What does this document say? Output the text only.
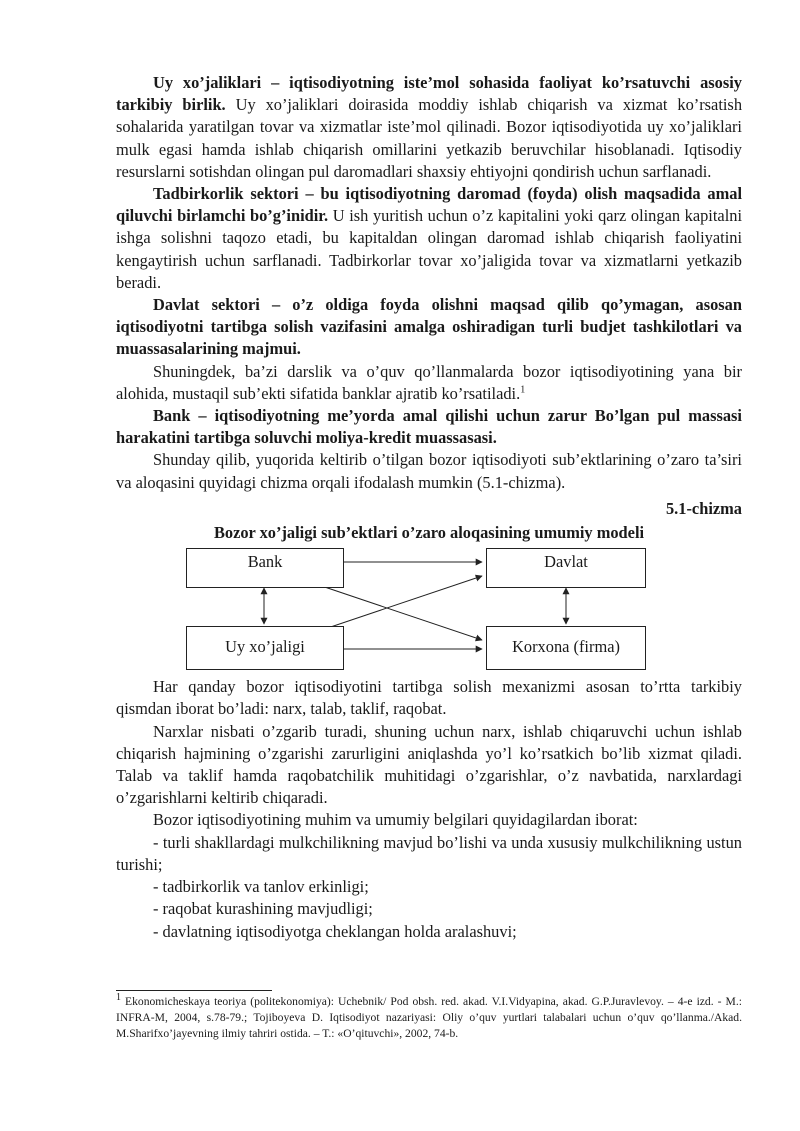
Uy xo’jaliklari – iqtisodiyotning iste’mol sohasida faoliyat ko’rsatuvchi asosiy tarkibiy birlik. Uy xo’jaliklari doirasida moddiy ishlab chiqarish va xizmat ko’rsatish sohalarida yaratilgan tovar va xizmatlar iste’mol qilinadi. Bozor iqtisodiyotida uy xo’jaliklari mulk egasi hamda ishlab chiqarish omillarini yetkazib beruvchilar hisoblanadi. Iqtisodiy resurslarni sotishdan olingan pul daromadlari shaxsiy ehtiyojni qondirish uchun sarflanadi.

Tadbirkorlik sektori – bu iqtisodiyotning daromad (foyda) olish maqsadida amal qiluvchi birlamchi bo’g’inidir. U ish yuritish uchun o’z kapitalini yoki qarz olingan kapitalni ishga solishni taqozo etadi, bu kapitaldan olingan daromad ishlab chiqarish faoliyatini kengaytirish uchun sarflanadi. Tadbirkorlar tovar xo’jaligida tovar va xizmatlarni yetkazib beradi.

Davlat sektori – o’z oldiga foyda olishni maqsad qilib qo’ymagan, asosan iqtisodiyotni tartibga solish vazifasini amalga oshiradigan turli budjet tashkilotlari va muassasalarining majmui.

Shuningdek, ba’zi darslik va o’quv qo’llanmalarda bozor iqtisodiyotining yana bir alohida, mustaqil sub’ekti sifatida banklar ajratib ko’rsatiladi.$^1$

Bank – iqtisodiyotning me’yorda amal qilishi uchun zarur Bo’lgan pul massasi harakatini tartibga soluvchi moliya-kredit muassasasi.

Shunday qilib, yuqorida keltirib o’tilgan bozor iqtisodiyoti sub’ektlarining o’zaro ta’siri va aloqasini quyidagi chizma orqali ifodalash mumkin (5.1-chizma).

5.1-chizma

Bozor xo’jaligi sub’ektlari o’zaro aloqasining umumiy modeli

Bank	Davlat
Uy xo’jaligi	Korxona (firma)

Har qanday bozor iqtisodiyotini tartibga solish mexanizmi asosan to’rtta tarkibiy qismdan iborat bo’ladi: narx, talab, taklif, raqobat.

Narxlar nisbati o’zgarib turadi, shuning uchun narx, ishlab chiqaruvchi uchun ishlab chiqarish hajmining o’zgarishi zarurligini aniqlashda yo’l ko’rsatkich bo’lib xizmat qiladi. Talab va taklif hamda raqobatchilik muhitidagi o’zgarishlar, o’z navbatida, narxlardagi o’zgarishlarni keltirib chiqaradi.

Bozor iqtisodiyotining muhim va umumiy belgilari quyidagilardan iborat:

- turli shakllardagi mulkchilikning mavjud bo’lishi va unda xususiy mulkchilikning ustun turishi;

- tadbirkorlik va tanlov erkinligi;

- raqobat kurashining mavjudligi;

- davlatning iqtisodiyotga cheklangan holda aralashuvi;

$^1$ Ekonomicheskaya teoriya (politekonomiya): Uchebnik/ Pod obsh. red. akad. V.I.Vidyapina, akad. G.P.Juravlevoy. – 4-e izd. - M.: INFRA-M, 2004, s.78-79.; Tojiboyeva D. Iqtisodiyot nazariyasi: Oliy o’quv yurtlari talabalari uchun o’quv qo’llanma./Akad. M.Sharifxo’jayevning ilmiy tahriri ostida. – T.: «O’qituvchi», 2002, 74-b.
